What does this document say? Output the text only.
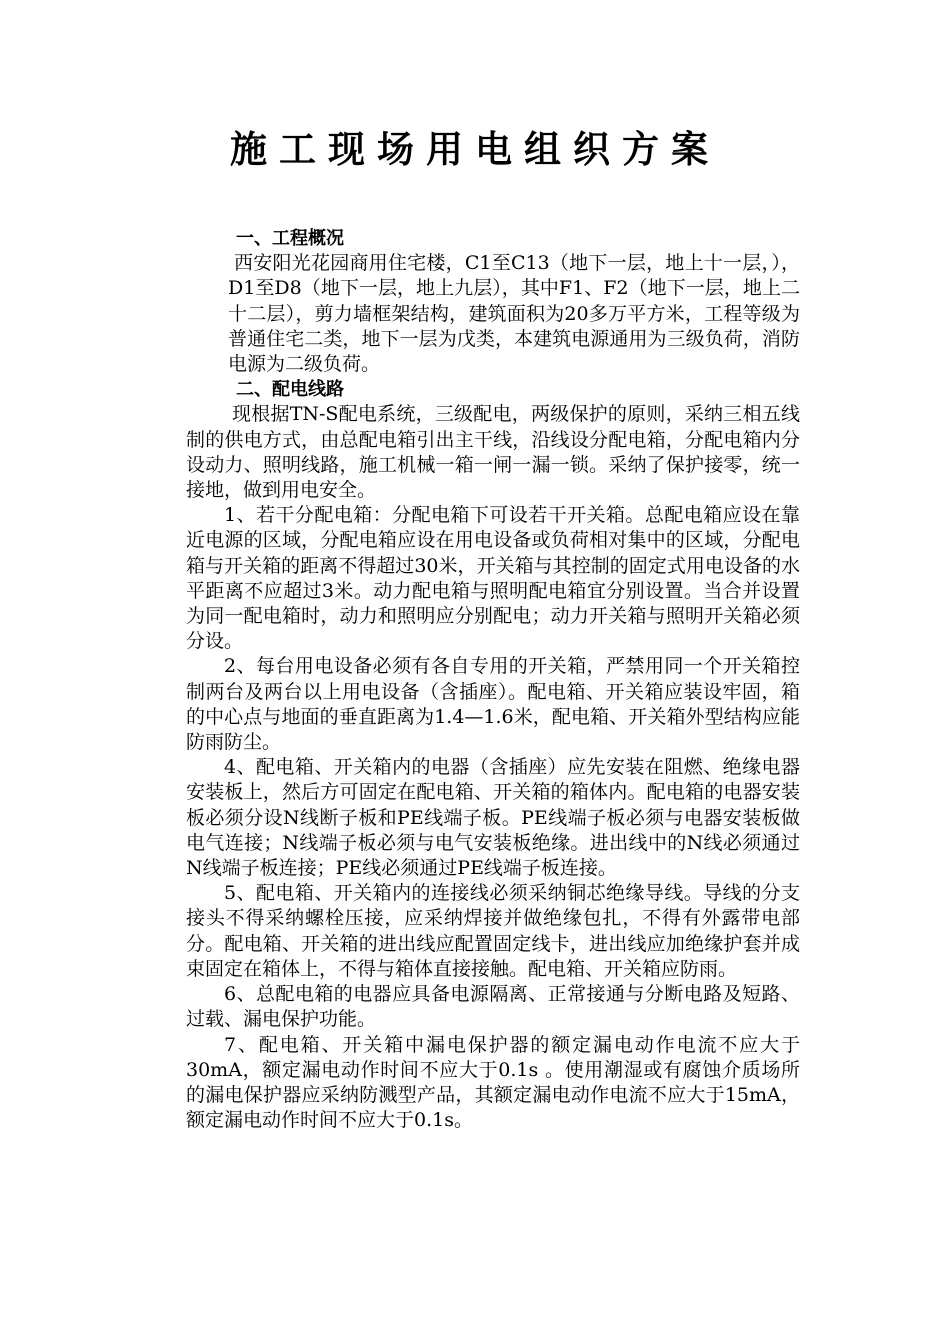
施工现场用电组织方案
一、工程概况

西安阳光花园商用住宅楼，C1至C13（地下一层，地上十一层，），D1至D8（地下一层，地上九层），其中F1、F2（地下一层，地上二十二层），剪力墙框架结构，建筑面积为20多万平方米，工程等级为普通住宅二类，地下一层为戊类，本建筑电源通用为三级负荷，消防电源为二级负荷。

二、配电线路

现根据TN-S配电系统，三级配电，两级保护的原则，采纳三相五线制的供电方式，由总配电箱引出主干线，沿线设分配电箱，分配电箱内分设动力、照明线路，施工机械一箱一闸一漏一锁。采纳了保护接零，统一接地，做到用电安全。

1、若干分配电箱：分配电箱下可设若干开关箱。总配电箱应设在靠近电源的区域，分配电箱应设在用电设备或负荷相对集中的区域，分配电箱与开关箱的距离不得超过30米，开关箱与其控制的固定式用电设备的水平距离不应超过3米。动力配电箱与照明配电箱宜分别设置。当合并设置为同一配电箱时，动力和照明应分别配电；动力开关箱与照明开关箱必须分设。

2、每台用电设备必须有各自专用的开关箱，严禁用同一个开关箱控制两台及两台以上用电设备（含插座）。配电箱、开关箱应装设牢固，箱的中心点与地面的垂直距离为1.4—1.6米，配电箱、开关箱外型结构应能防雨防尘。

4、配电箱、开关箱内的电器（含插座）应先安装在阻燃、绝缘电器安装板上，然后方可固定在配电箱、开关箱的箱体内。配电箱的电器安装板必须分设N线断子板和PE线端子板。PE线端子板必须与电器安装板做电气连接；N线端子板必须与电气安装板绝缘。进出线中的N线必须通过N线端子板连接；PE线必须通过PE线端子板连接。

5、配电箱、开关箱内的连接线必须采纳铜芯绝缘导线。导线的分支接头不得采纳螺栓压接，应采纳焊接并做绝缘包扎，不得有外露带电部分。配电箱、开关箱的进出线应配置固定线卡，进出线应加绝缘护套并成束固定在箱体上，不得与箱体直接接触。配电箱、开关箱应防雨。

6、总配电箱的电器应具备电源隔离、正常接通与分断电路及短路、过载、漏电保护功能。

7、配电箱、开关箱中漏电保护器的额定漏电动作电流不应大于30mA，额定漏电动作时间不应大于0.1s 。使用潮湿或有腐蚀介质场所的漏电保护器应采纳防溅型产品，其额定漏电动作电流不应大于15mA，额定漏电动作时间不应大于0.1s。
